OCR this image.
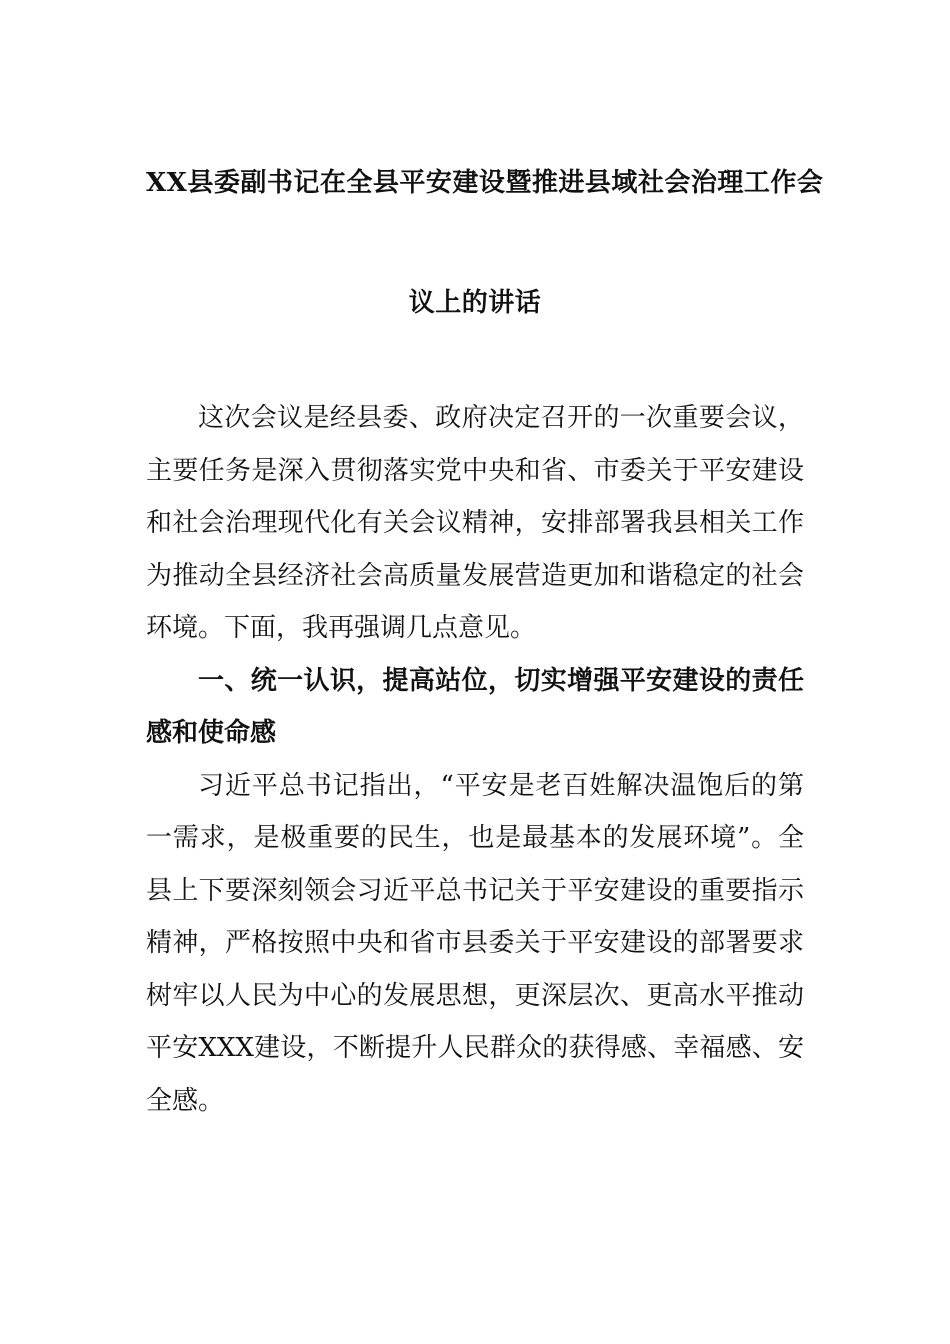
XX县委副书记在全县平安建设暨推进县域社会治理工作会
议上的讲话

这次会议是经县委、政府决定召开的一次重要会议，主要任务是深入贯彻落实党中央和省、市委关于平安建设和社会治理现代化有关会议精神，安排部署我县相关工作为推动全县经济社会高质量发展营造更加和谐稳定的社会环境。下面，我再强调几点意见。

一、统一认识，提高站位，切实增强平安建设的责任感和使命感

习近平总书记指出，“平安是老百姓解决温饱后的第一需求，是极重要的民生，也是最基本的发展环境”。全县上下要深刻领会习近平总书记关于平安建设的重要指示精神，严格按照中央和省市县委关于平安建设的部署要求树牢以人民为中心的发展思想，更深层次、更高水平推动平安XXX建设，不断提升人民群众的获得感、幸福感、安全感。
